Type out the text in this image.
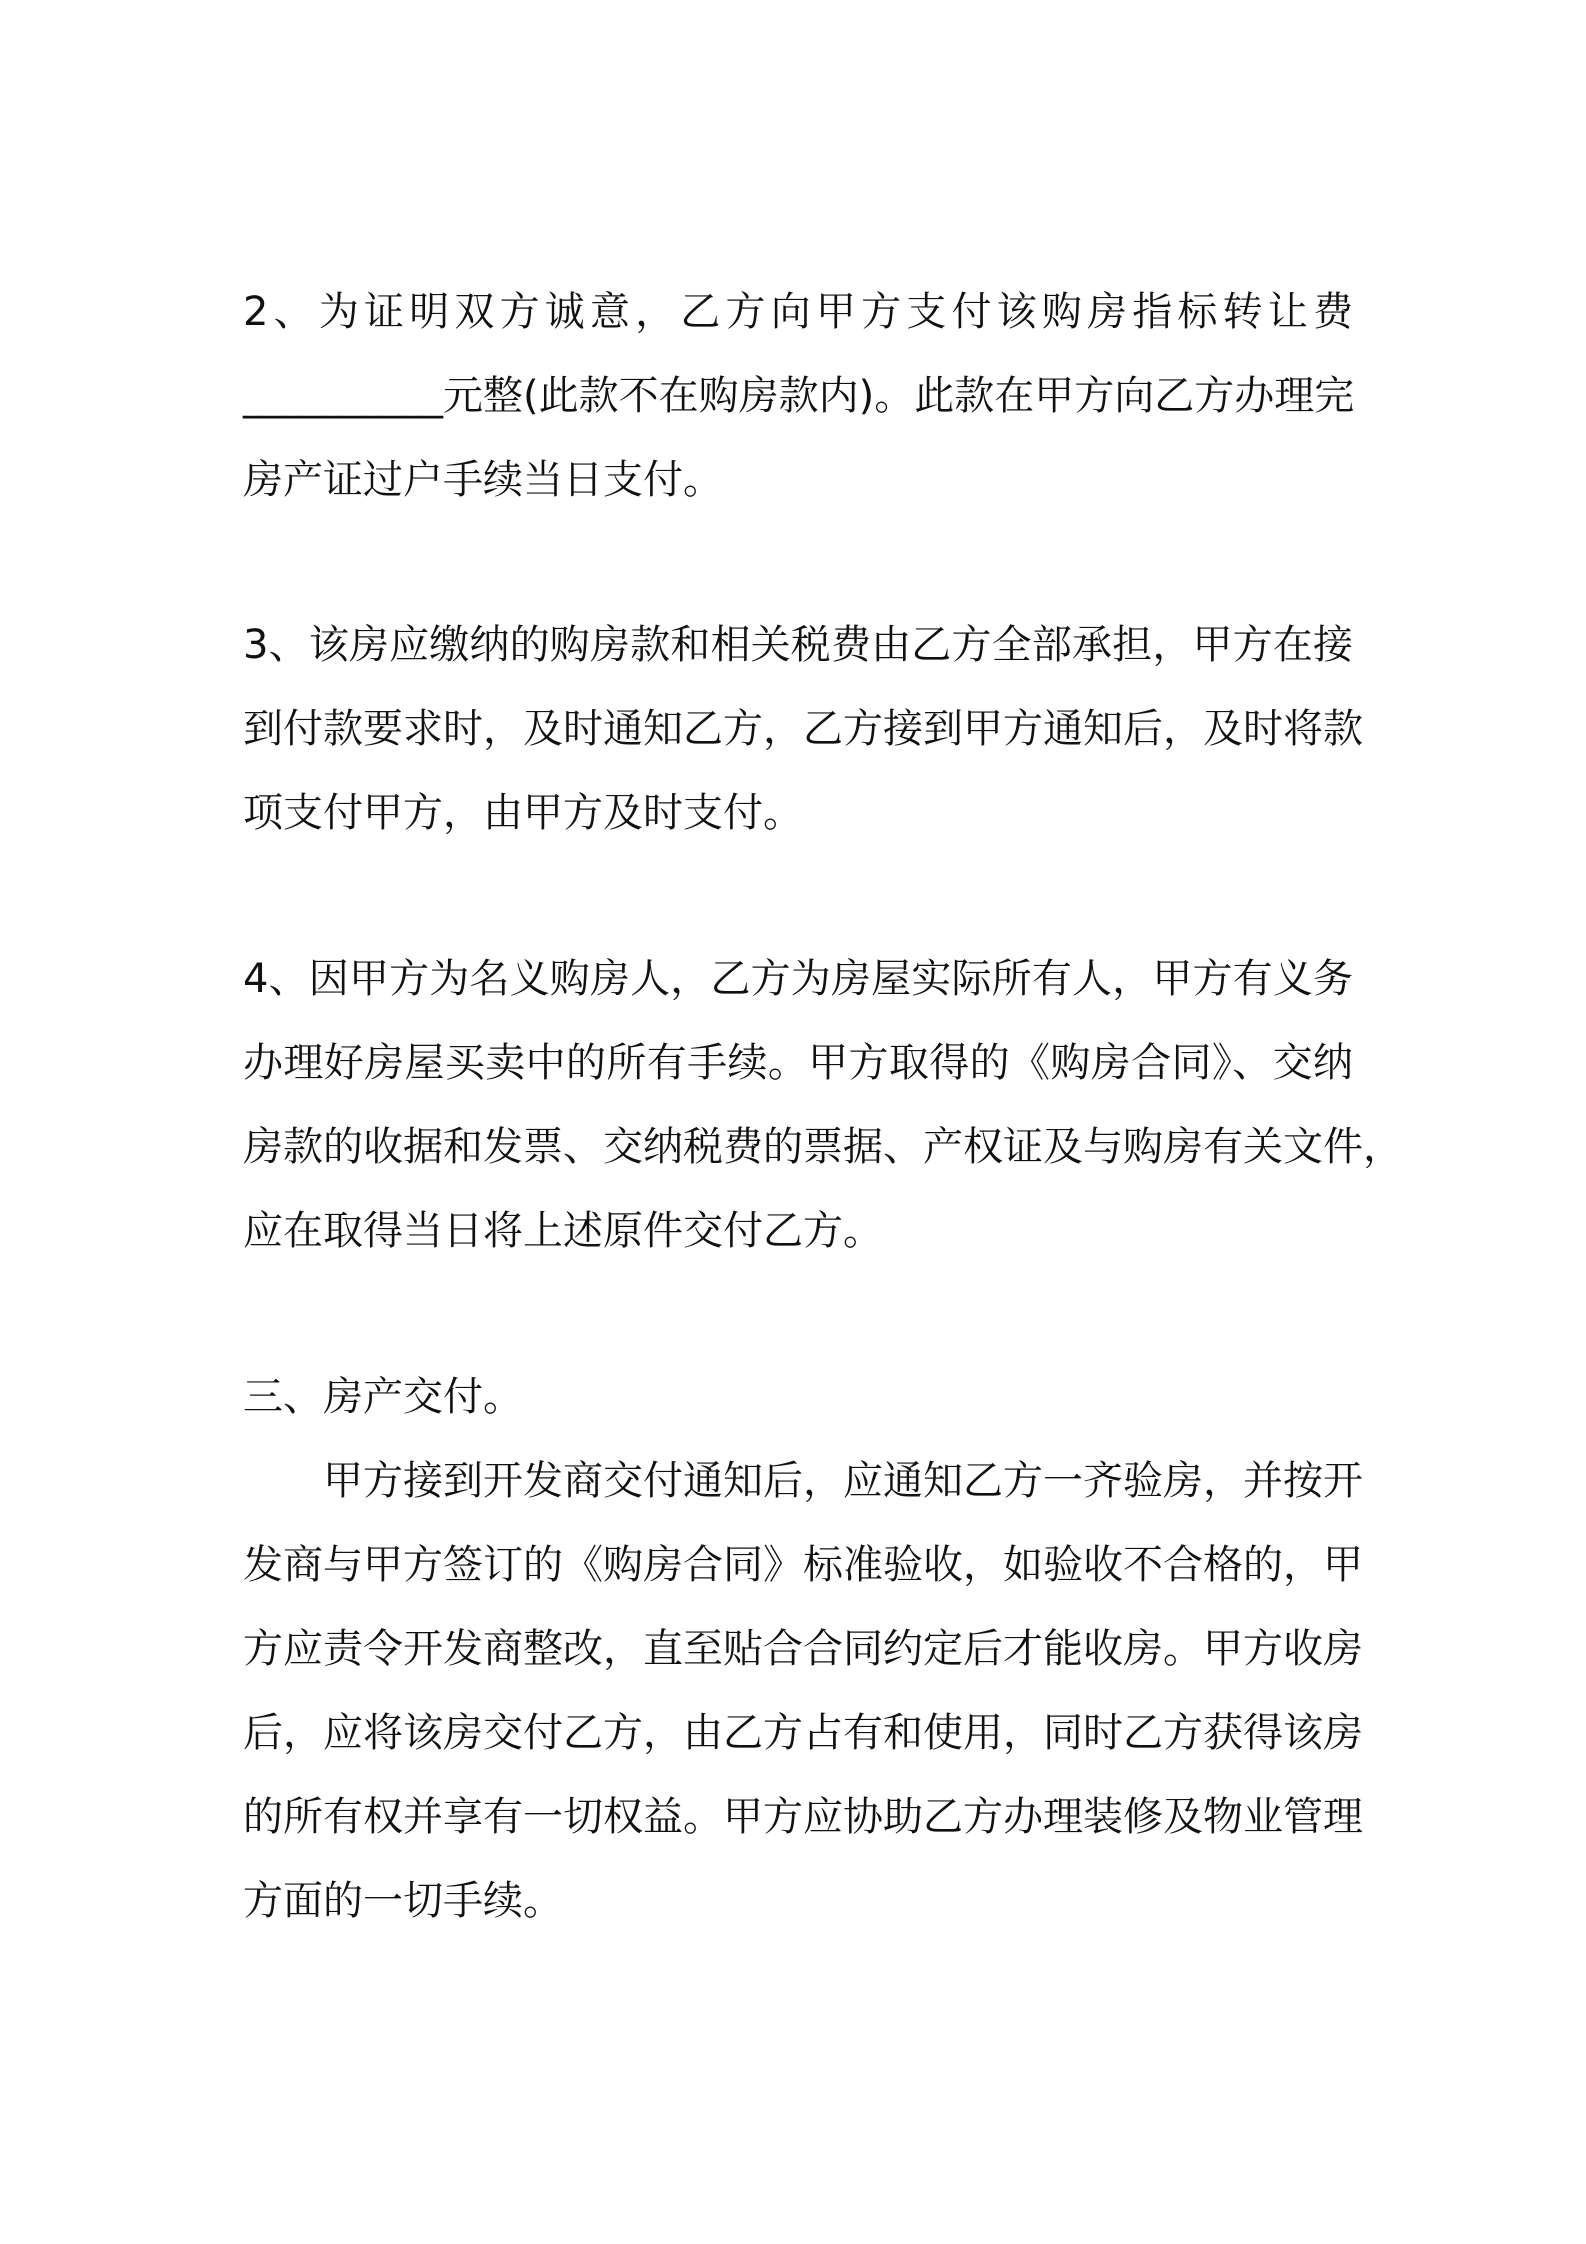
2、为证明双方诚意，乙方向甲方支付该购房指标转让费
__________元整(此款不在购房款内)。此款在甲方向乙方办理完
房产证过户手续当日支付。
3、该房应缴纳的购房款和相关税费由乙方全部承担，甲方在接
到付款要求时，及时通知乙方，乙方接到甲方通知后，及时将款
项支付甲方，由甲方及时支付。
4、因甲方为名义购房人，乙方为房屋实际所有人，甲方有义务
办理好房屋买卖中的所有手续。甲方取得的《购房合同》、交纳
房款的收据和发票、交纳税费的票据、产权证及与购房有关文件，
应在取得当日将上述原件交付乙方。
三、房产交付。
甲方接到开发商交付通知后，应通知乙方一齐验房，并按开
发商与甲方签订的《购房合同》标准验收，如验收不合格的，甲
方应责令开发商整改，直至贴合合同约定后才能收房。甲方收房
后，应将该房交付乙方，由乙方占有和使用，同时乙方获得该房
的所有权并享有一切权益。甲方应协助乙方办理装修及物业管理
方面的一切手续。
